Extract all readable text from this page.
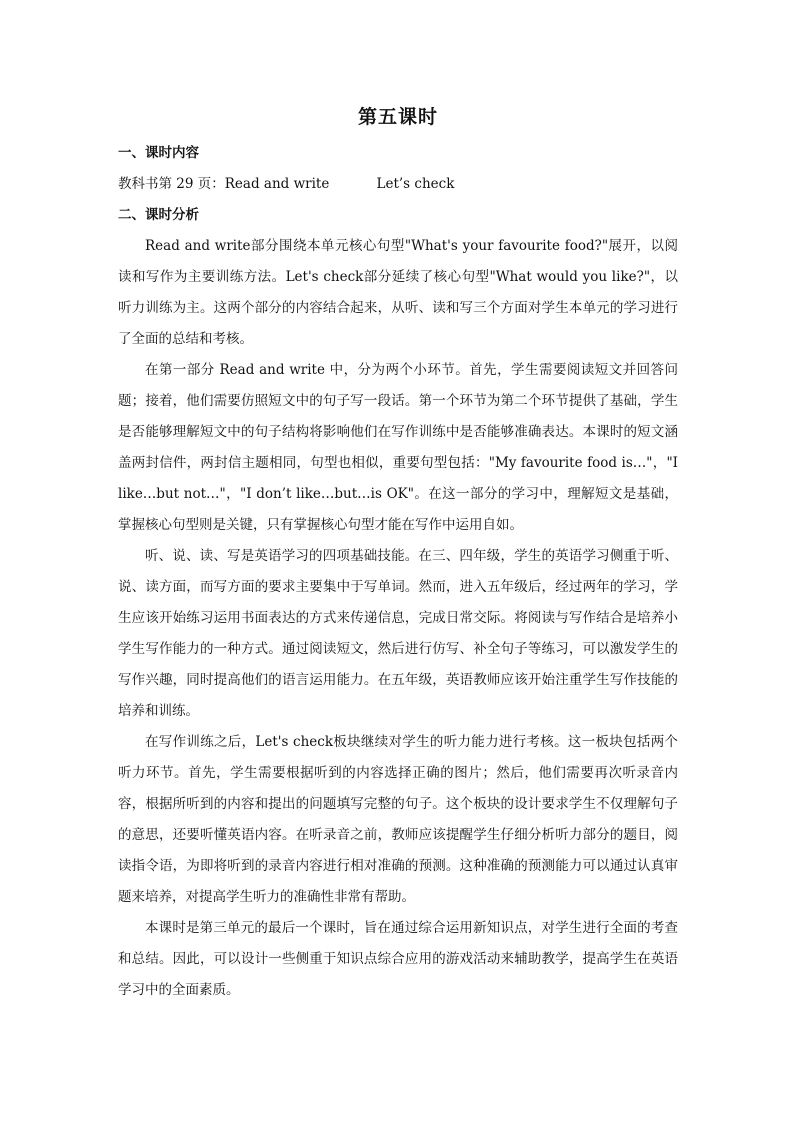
第五课时

一、课时内容

教科书第 29 页：Read and write           Let’s check

二、课时分析

Read and write部分围绕本单元核心句型"What's your favourite food?"展开，以阅读和写作为主要训练方法。Let's check部分延续了核心句型"What would you like?"，以听力训练为主。这两个部分的内容结合起来，从听、读和写三个方面对学生本单元的学习进行了全面的总结和考核。

在第一部分 Read and write 中，分为两个小环节。首先，学生需要阅读短文并回答问题；接着，他们需要仿照短文中的句子写一段话。第一个环节为第二个环节提供了基础，学生是否能够理解短文中的句子结构将影响他们在写作训练中是否能够准确表达。本课时的短文涵盖两封信件，两封信主题相同，句型也相似，重要句型包括："My favourite food is…"，"I like…but not…"，"I don’t like…but…is OK"。在这一部分的学习中，理解短文是基础，掌握核心句型则是关键，只有掌握核心句型才能在写作中运用自如。

听、说、读、写是英语学习的四项基础技能。在三、四年级，学生的英语学习侧重于听、说、读方面，而写方面的要求主要集中于写单词。然而，进入五年级后，经过两年的学习，学生应该开始练习运用书面表达的方式来传递信息，完成日常交际。将阅读与写作结合是培养小学生写作能力的一种方式。通过阅读短文，然后进行仿写、补全句子等练习，可以激发学生的写作兴趣，同时提高他们的语言运用能力。在五年级，英语教师应该开始注重学生写作技能的培养和训练。

在写作训练之后，Let's check板块继续对学生的听力能力进行考核。这一板块包括两个听力环节。首先，学生需要根据听到的内容选择正确的图片；然后，他们需要再次听录音内容，根据所听到的内容和提出的问题填写完整的句子。这个板块的设计要求学生不仅理解句子的意思，还要听懂英语内容。在听录音之前，教师应该提醒学生仔细分析听力部分的题目，阅读指令语，为即将听到的录音内容进行相对准确的预测。这种准确的预测能力可以通过认真审题来培养，对提高学生听力的准确性非常有帮助。

本课时是第三单元的最后一个课时，旨在通过综合运用新知识点，对学生进行全面的考查和总结。因此，可以设计一些侧重于知识点综合应用的游戏活动来辅助教学，提高学生在英语学习中的全面素质。
